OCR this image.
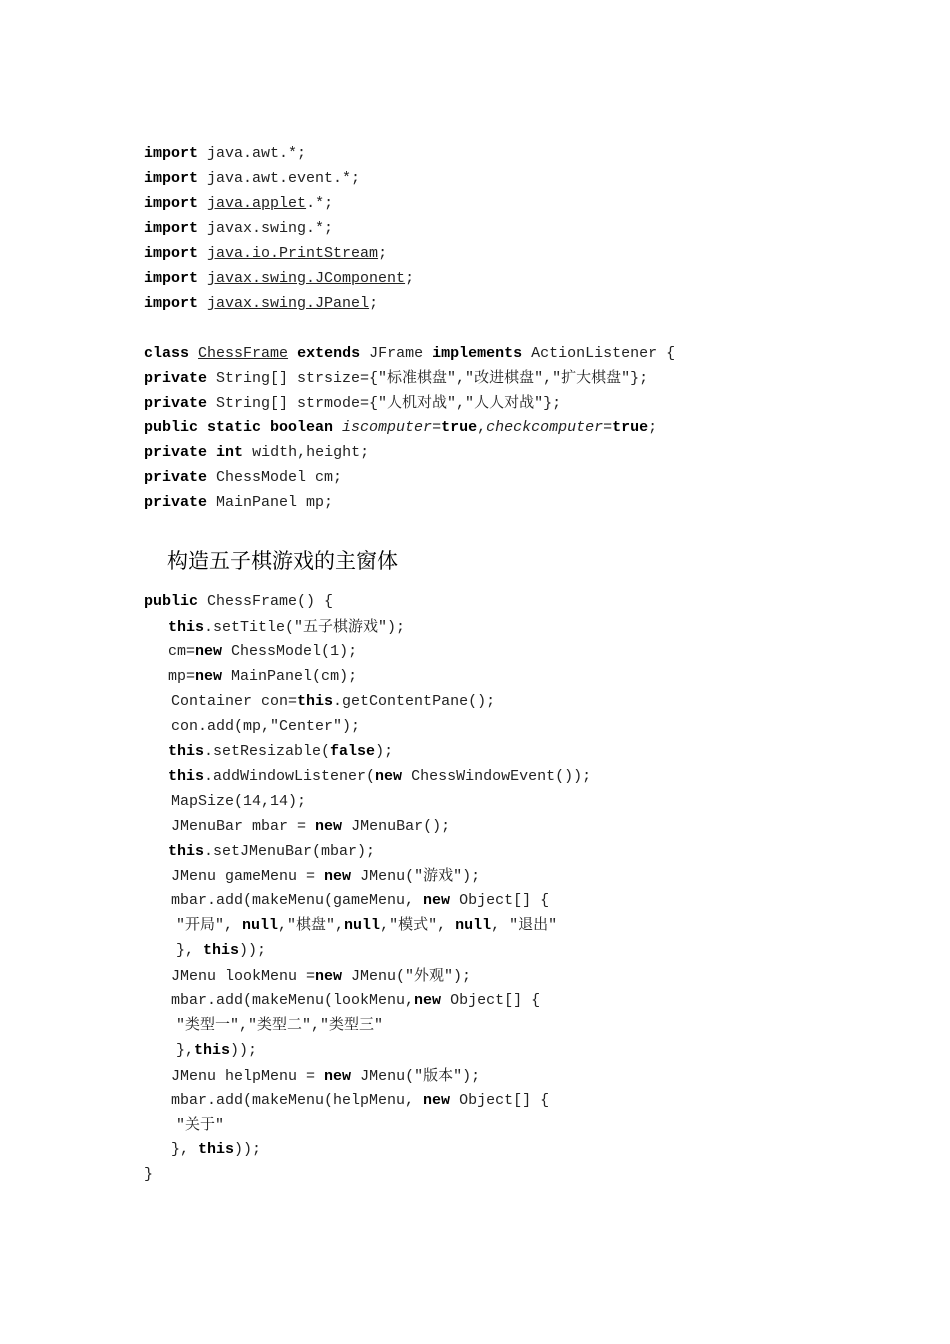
import java.awt.*;
import java.awt.event.*;
import java.applet.*;
import javax.swing.*;
import java.io.PrintStream;
import javax.swing.JComponent;
import javax.swing.JPanel;
class ChessFrame extends JFrame implements ActionListener {
private String[] strsize={"标准棋盘","改进棋盘","扩大棋盘"};
private String[] strmode={"人机对战","人人对战"};
public static boolean iscomputer=true,checkcomputer=true;
private int width,height;
private ChessModel cm;
private MainPanel mp;
构造五子棋游戏的主窗体
public ChessFrame() {
this.setTitle("五子棋游戏");
cm=new ChessModel(1);
mp=new MainPanel(cm);
Container con=this.getContentPane();
con.add(mp,"Center");
this.setResizable(false);
this.addWindowListener(new ChessWindowEvent());
MapSize(14,14);
JMenuBar mbar = new JMenuBar();
this.setJMenuBar(mbar);
JMenu gameMenu = new JMenu("游戏");
mbar.add(makeMenu(gameMenu, new Object[] {
"开局", null,"棋盘",null,"模式", null, "退出"
}, this));
JMenu lookMenu =new JMenu("外观");
mbar.add(makeMenu(lookMenu,new Object[] {
"类型一","类型二","类型三"
},this));
JMenu helpMenu = new JMenu("版本");
mbar.add(makeMenu(helpMenu, new Object[] {
"关于"
}, this));
}
